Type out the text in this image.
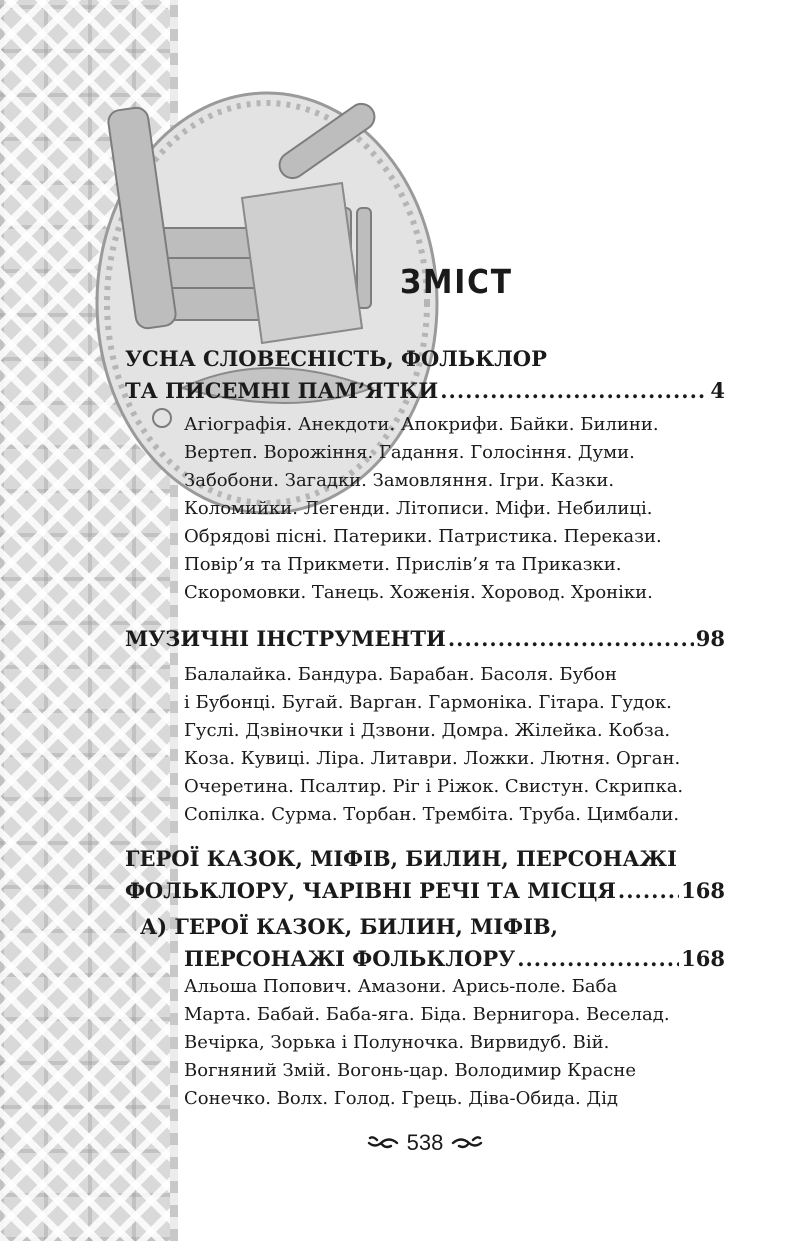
ЗМІСТ
УСНА СЛОВЕСНІСТЬ, ФОЛЬКЛОР
ТА ПИСЕМНІ ПАМ’ЯТКИ .....	4
Агіографія. Анекдоти. Апокрифи. Байки. Билини.
Вертеп. Ворожіння. Гадання. Голосіння. Думи.
Забобони. Загадки. Замовляння. Ігри. Казки.
Коломийки. Легенди. Літописи. Міфи. Небилиці.
Обрядові пісні. Патерики. Патристика. Перекази.
Повір’я та Прикмети. Прислів’я та Приказки.
Скоромовки. Танець. Хоженія. Хоровод. Хроніки.
МУЗИЧНІ ІНСТРУМЕНТИ .....	98
Балалайка. Бандура. Барабан. Басоля. Бубон
і Бубонці. Бугай. Варган. Гармоніка. Гітара. Гудок.
Гуслі. Дзвіночки і Дзвони. Домра. Жілейка. Кобза.
Коза. Кувиці. Ліра. Литаври. Ложки. Лютня. Орган.
Очеретина. Псалтир. Ріг і Ріжок. Свистун. Скрипка.
Сопілка. Сурма. Торбан. Трембіта. Труба. Цимбали.
ГЕРОЇ КАЗОК, МІФІВ, БИЛИН, ПЕРСОНАЖІ
ФОЛЬКЛОРУ, ЧАРІВНІ РЕЧІ ТА МІСЦЯ .....	168
А) ГЕРОЇ КАЗОК, БИЛИН, МІФІВ,
ПЕРСОНАЖІ ФОЛЬКЛОРУ .....	168
Альоша Попович. Амазони. Арись-поле. Баба
Марта. Бабай. Баба-яга. Біда. Вернигора. Веселад.
Вечірка, Зорька і Полуночка. Вирвидуб. Вій.
Вогняний Змій. Вогонь-цар. Володимир Красне
Сонечко. Волх. Голод. Грець. Діва-Обида. Дід
538
